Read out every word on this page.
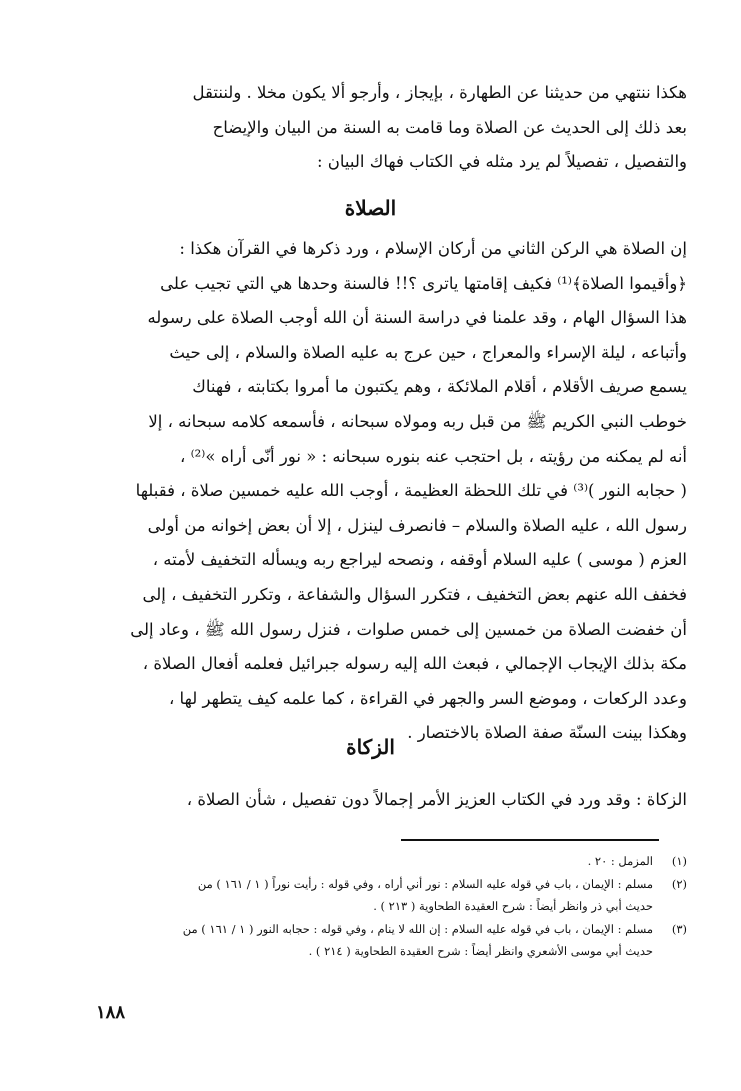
هكذا ننتهي من حديثنا عن الطهارة ، بإيجاز ، وأرجو ألا يكون مخلا . ولننتقل
بعد ذلك إلى الحديث عن الصلاة وما قامت به السنة من البيان والإيضاح
والتفصيل ، تفصيلاً لم يرد مثله في الكتاب فهاك البيان :
الصلاة
إن الصلاة هي الركن الثاني من أركان الإسلام ، ورد ذكرها في القرآن هكذا :
﴿وأقيموا الصلاة﴾⁽¹⁾ فكيف إقامتها ياترى ؟!! فالسنة وحدها هي التي تجيب على
هذا السؤال الهام ، وقد علمنا في دراسة السنة أن الله أوجب الصلاة على رسوله
وأتباعه ، ليلة الإسراء والمعراج ، حين عرج به عليه الصلاة والسلام ، إلى حيث
يسمع صريف الأقلام ، أقلام الملائكة ، وهم يكتبون ما أمروا بكتابته ، فهناك
خوطب النبي الكريم ﷺ من قبل ربه ومولاه سبحانه ، فأسمعه كلامه سبحانه ، إلا
أنه لم يمكنه من رؤيته ، بل احتجب عنه بنوره سبحانه : « نور أنّى أراه »⁽²⁾ ،
( حجابه النور )⁽³⁾ في تلك اللحظة العظيمة ، أوجب الله عليه خمسين صلاة ، فقبلها
رسول الله ، عليه الصلاة والسلام – فانصرف لينزل ، إلا أن بعض إخوانه من أولى
العزم ( موسى ) عليه السلام أوقفه ، ونصحه ليراجع ربه ويسأله التخفيف لأمته ،
فخفف الله عنهم بعض التخفيف ، فتكرر السؤال والشفاعة ، وتكرر التخفيف ، إلى
أن خفضت الصلاة من خمسين إلى خمس صلوات ، فنزل رسول الله ﷺ ، وعاد إلى
مكة بذلك الإيجاب الإجمالي ، فبعث الله إليه رسوله جبرائيل فعلمه أفعال الصلاة ،
وعدد الركعات ، وموضع السر والجهر في القراءة ، كما علمه كيف يتطهر لها ،
وهكذا بينت السنّة صفة الصلاة بالاختصار .
الزكاة
الزكاة : وقد ورد في الكتاب العزيز الأمر إجمالاً دون تفصيل ، شأن الصلاة ،
(١)
المزمل : ٢٠ .
(٢)
مسلم : الإيمان ، باب في قوله عليه السلام : نور أني أراه ، وفي قوله : رأيت نوراً ( ١ / ١٦١ ) من
حديث أبي ذر وانظر أيضاً : شرح العقيدة الطحاوية ( ٢١٣ ) .
(٣)
مسلم : الإيمان ، باب في قوله عليه السلام : إن الله لا ينام ، وفي قوله : حجابه النور ( ١ / ١٦١ ) من
حديث أبي موسى الأشعري وانظر أيضاً : شرح العقيدة الطحاوية ( ٢١٤ ) .
١٨٨
